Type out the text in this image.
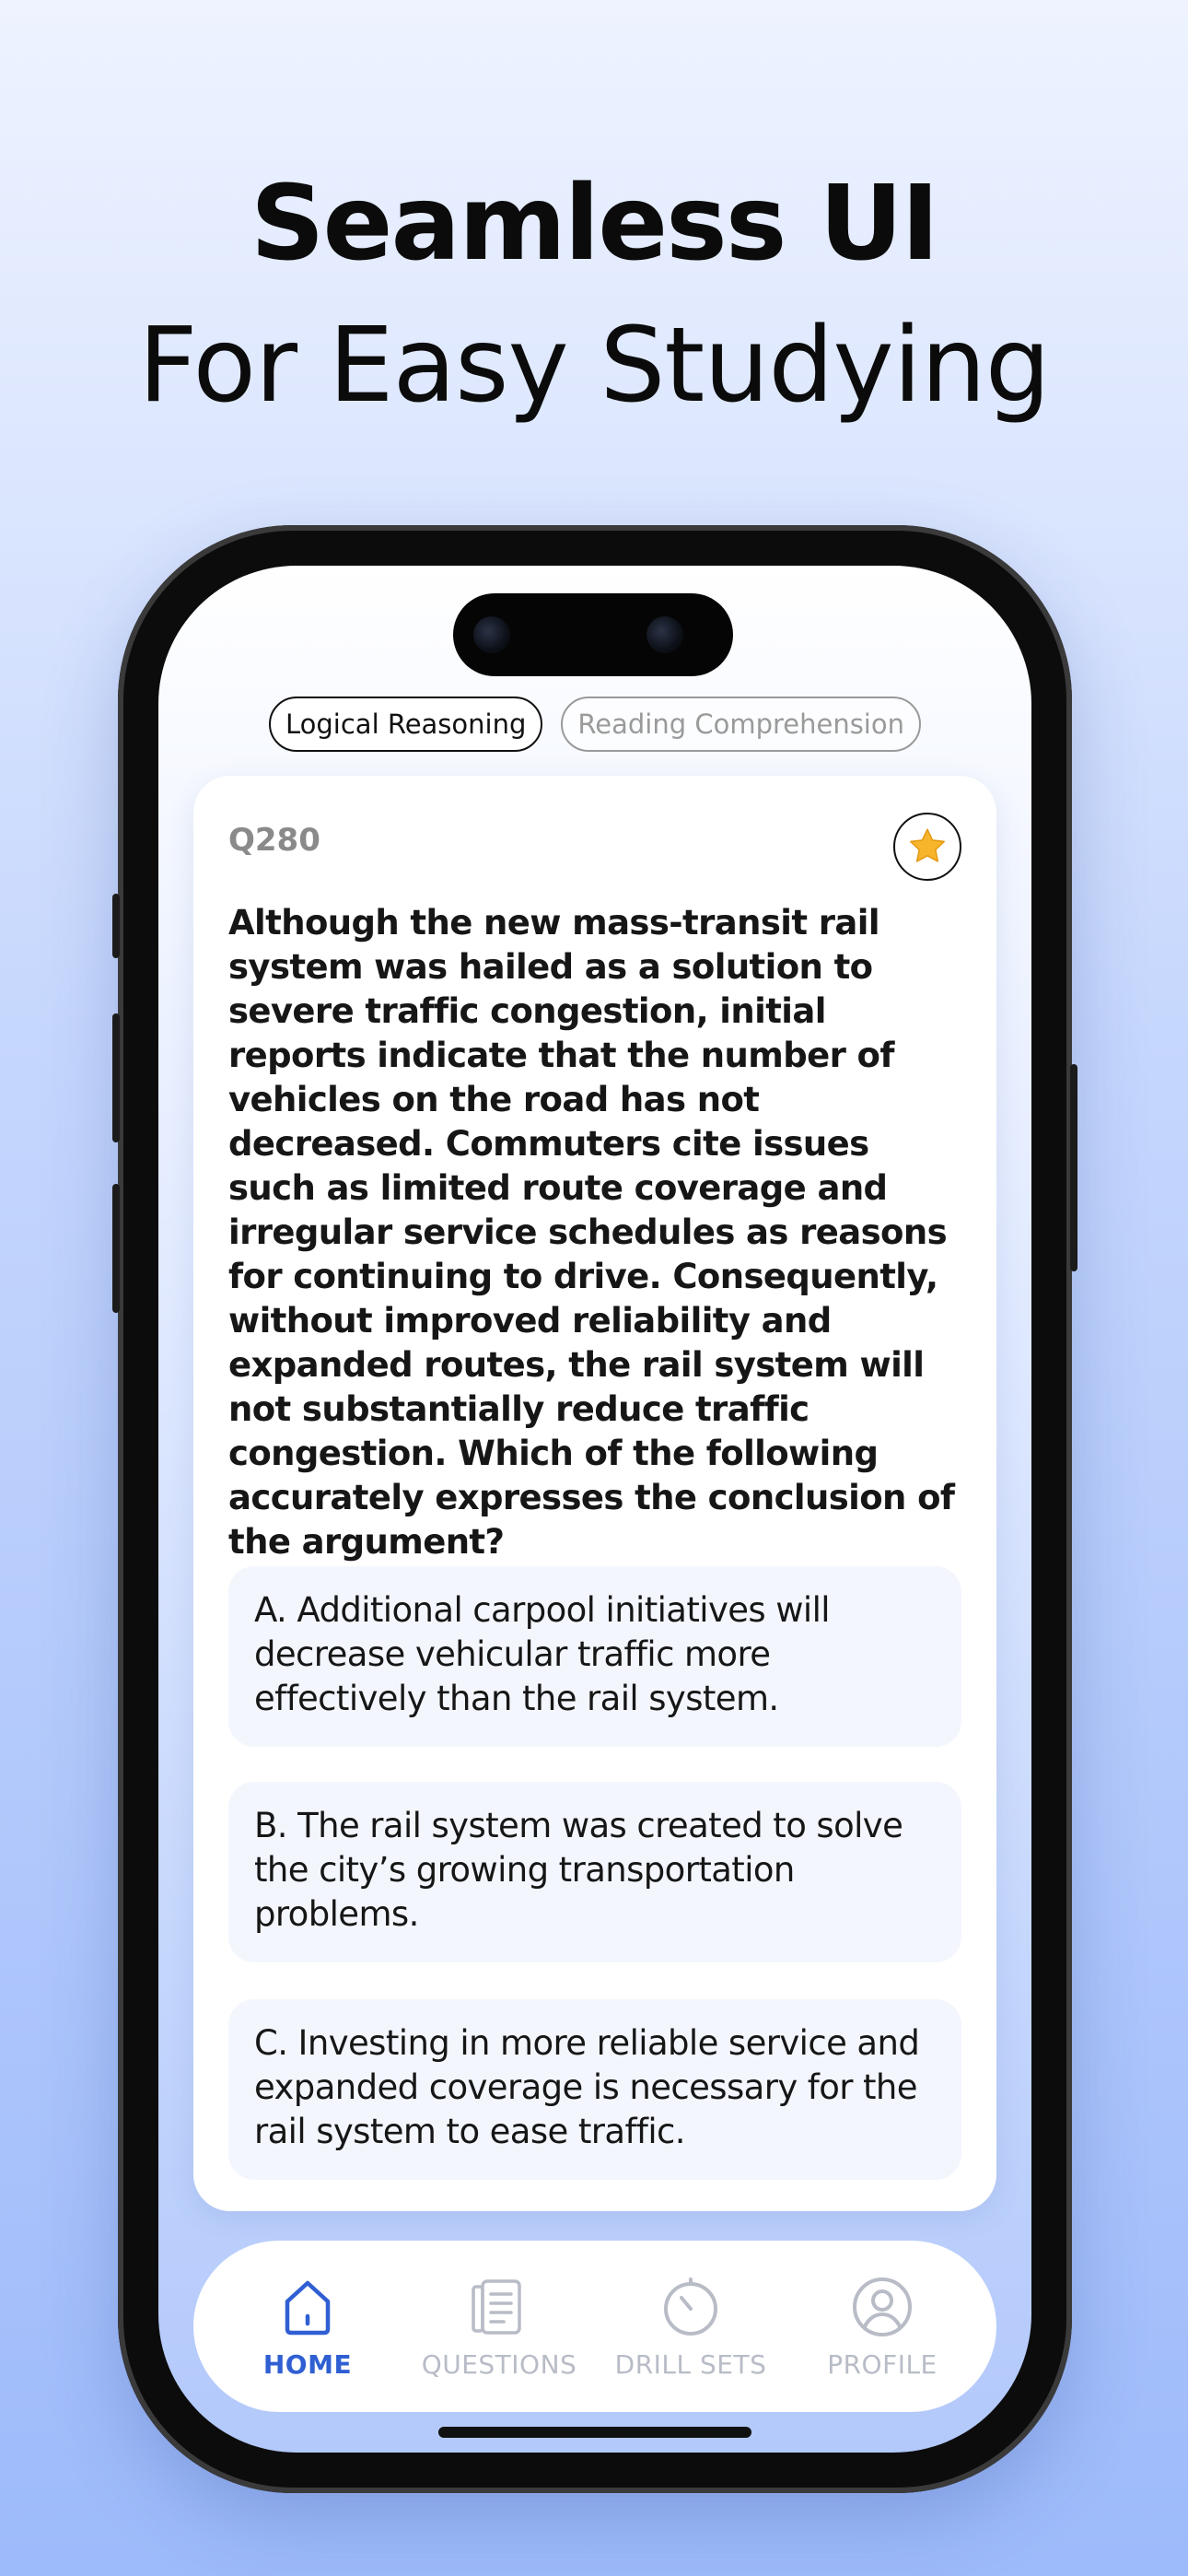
Seamless UI
For Easy Studying
Logical Reasoning	Reading Comprehension
Q280
Although the new mass-transit rail system was hailed as a solution to severe traffic congestion, initial reports indicate that the number of vehicles on the road has not decreased. Commuters cite issues such as limited route coverage and irregular service schedules as reasons for continuing to drive. Consequently, without improved reliability and expanded routes, the rail system will not substantially reduce traffic congestion. Which of the following accurately expresses the conclusion of the argument?
A. Additional carpool initiatives will decrease vehicular traffic more effectively than the rail system.
B. The rail system was created to solve the city’s growing transportation problems.
C. Investing in more reliable service and expanded coverage is necessary for the rail system to ease traffic.
HOME	QUESTIONS DRILL SETS PROFILE
